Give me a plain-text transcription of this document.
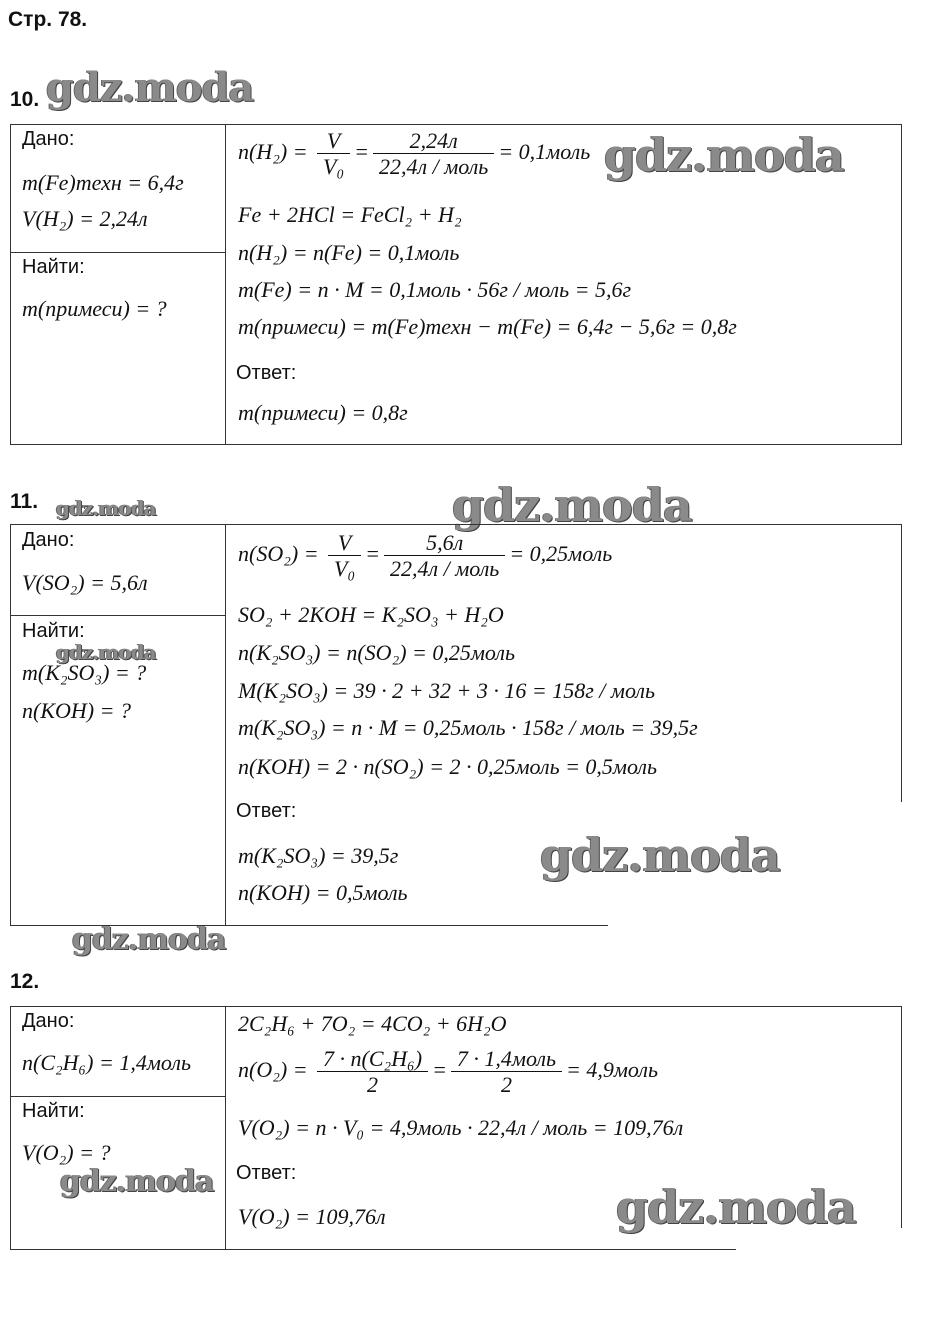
Стр. 78.
10. gdz.moda
Дано:
m(Fe)техн = 6,4г
V(H₂) = 2,24л
Найти:
m(примеси) = ?
$n(H_2) = \frac{V}{\text{V₀}} = \frac{2,24л}{\text{22,4л / моль}}$ = 0,1моль gdz.moda
Fe + 2HCl = FeCl₂ + H₂
n(H₂) = n(Fe) = 0,1моль
m(Fe) = n · M = 0,1моль · 56г / моль = 5,6г
m(примеси) = m(Fe)техн − m(Fe) = 6,4г − 5,6г = 0,8г
Ответ:
m(примеси) = 0,8г
11. gdz.moda	gdz.moda
Дано:
V(SO₂) = 5,6л
Найти:
gdz.moda
m(K₂SO₃) = ?
n(KOH) = ?
$n(SO_2) = \frac{V}{\text{V₀}} = \frac{5,6л}{\text{22,4л / моль}}$ = 0,25моль
SO₂ + 2KOH = K₂SO₃ + H₂O
n(K₂SO₃) = n(SO₂) = 0,25моль
M(K₂SO₃) = 39 · 2 + 32 + 3 · 16 = 158г / моль
m(K₂SO₃) = n · M = 0,25моль · 158г / моль = 39,5г
n(KOH) = 2 · n(SO₂) = 2 · 0,25моль = 0,5моль
Ответ:
m(K₂SO₃) = 39,5г
n(KOH) = 0,5моль
gdz.moda
gdz.moda
12.
Дано:
n(C₂H₆) = 1,4моль
Найти:
V(O₂) = ?
gdz.moda
2C₂H₆ + 7O₂ = 4CO₂ + 6H₂O
$n(O_2) = \frac{\text{7 · n(C₂H₆)}}{2} = \frac{\text{7 · 1,4моль}}{2}$ = 4,9моль
V(O₂) = n · V₀ = 4,9моль · 22,4л / моль = 109,76л
Ответ:
V(O₂) = 109,76л	gdz.moda
